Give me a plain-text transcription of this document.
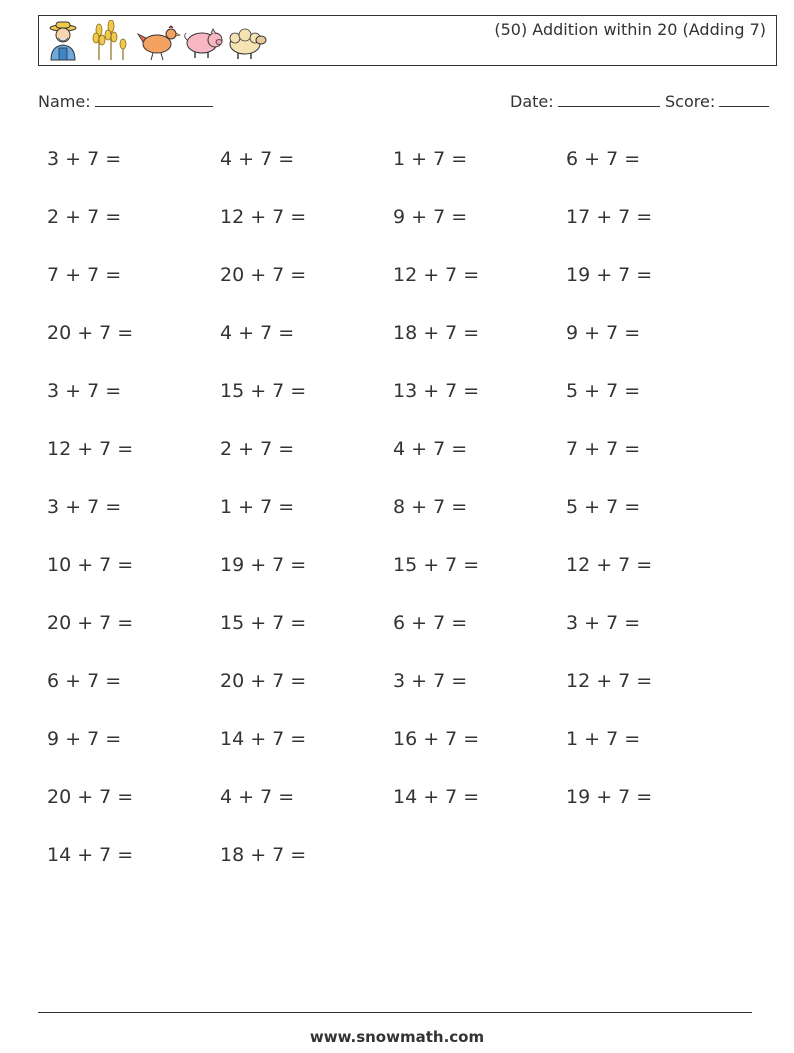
(50) Addition within 20 (Adding 7)
Name:	Date:	Score:
3 + 7 =	4 + 7 =	1 + 7 =	6 + 7 =
2 + 7 =	12 + 7 =	9 + 7 =	17 + 7 =
7 + 7 =	20 + 7 =	12 + 7 =	19 + 7 =
20 + 7 =	4 + 7 =	18 + 7 =	9 + 7 =
3 + 7 =	15 + 7 =	13 + 7 =	5 + 7 =
12 + 7 =	2 + 7 =	4 + 7 =	7 + 7 =
3 + 7 =	1 + 7 =	8 + 7 =	5 + 7 =
10 + 7 =	19 + 7 =	15 + 7 =	12 + 7 =
20 + 7 =	15 + 7 =	6 + 7 =	3 + 7 =
6 + 7 =	20 + 7 =	3 + 7 =	12 + 7 =
9 + 7 =	14 + 7 =	16 + 7 =	1 + 7 =
20 + 7 =	4 + 7 =	14 + 7 =	19 + 7 =
14 + 7 =	18 + 7 =
www.snowmath.com
